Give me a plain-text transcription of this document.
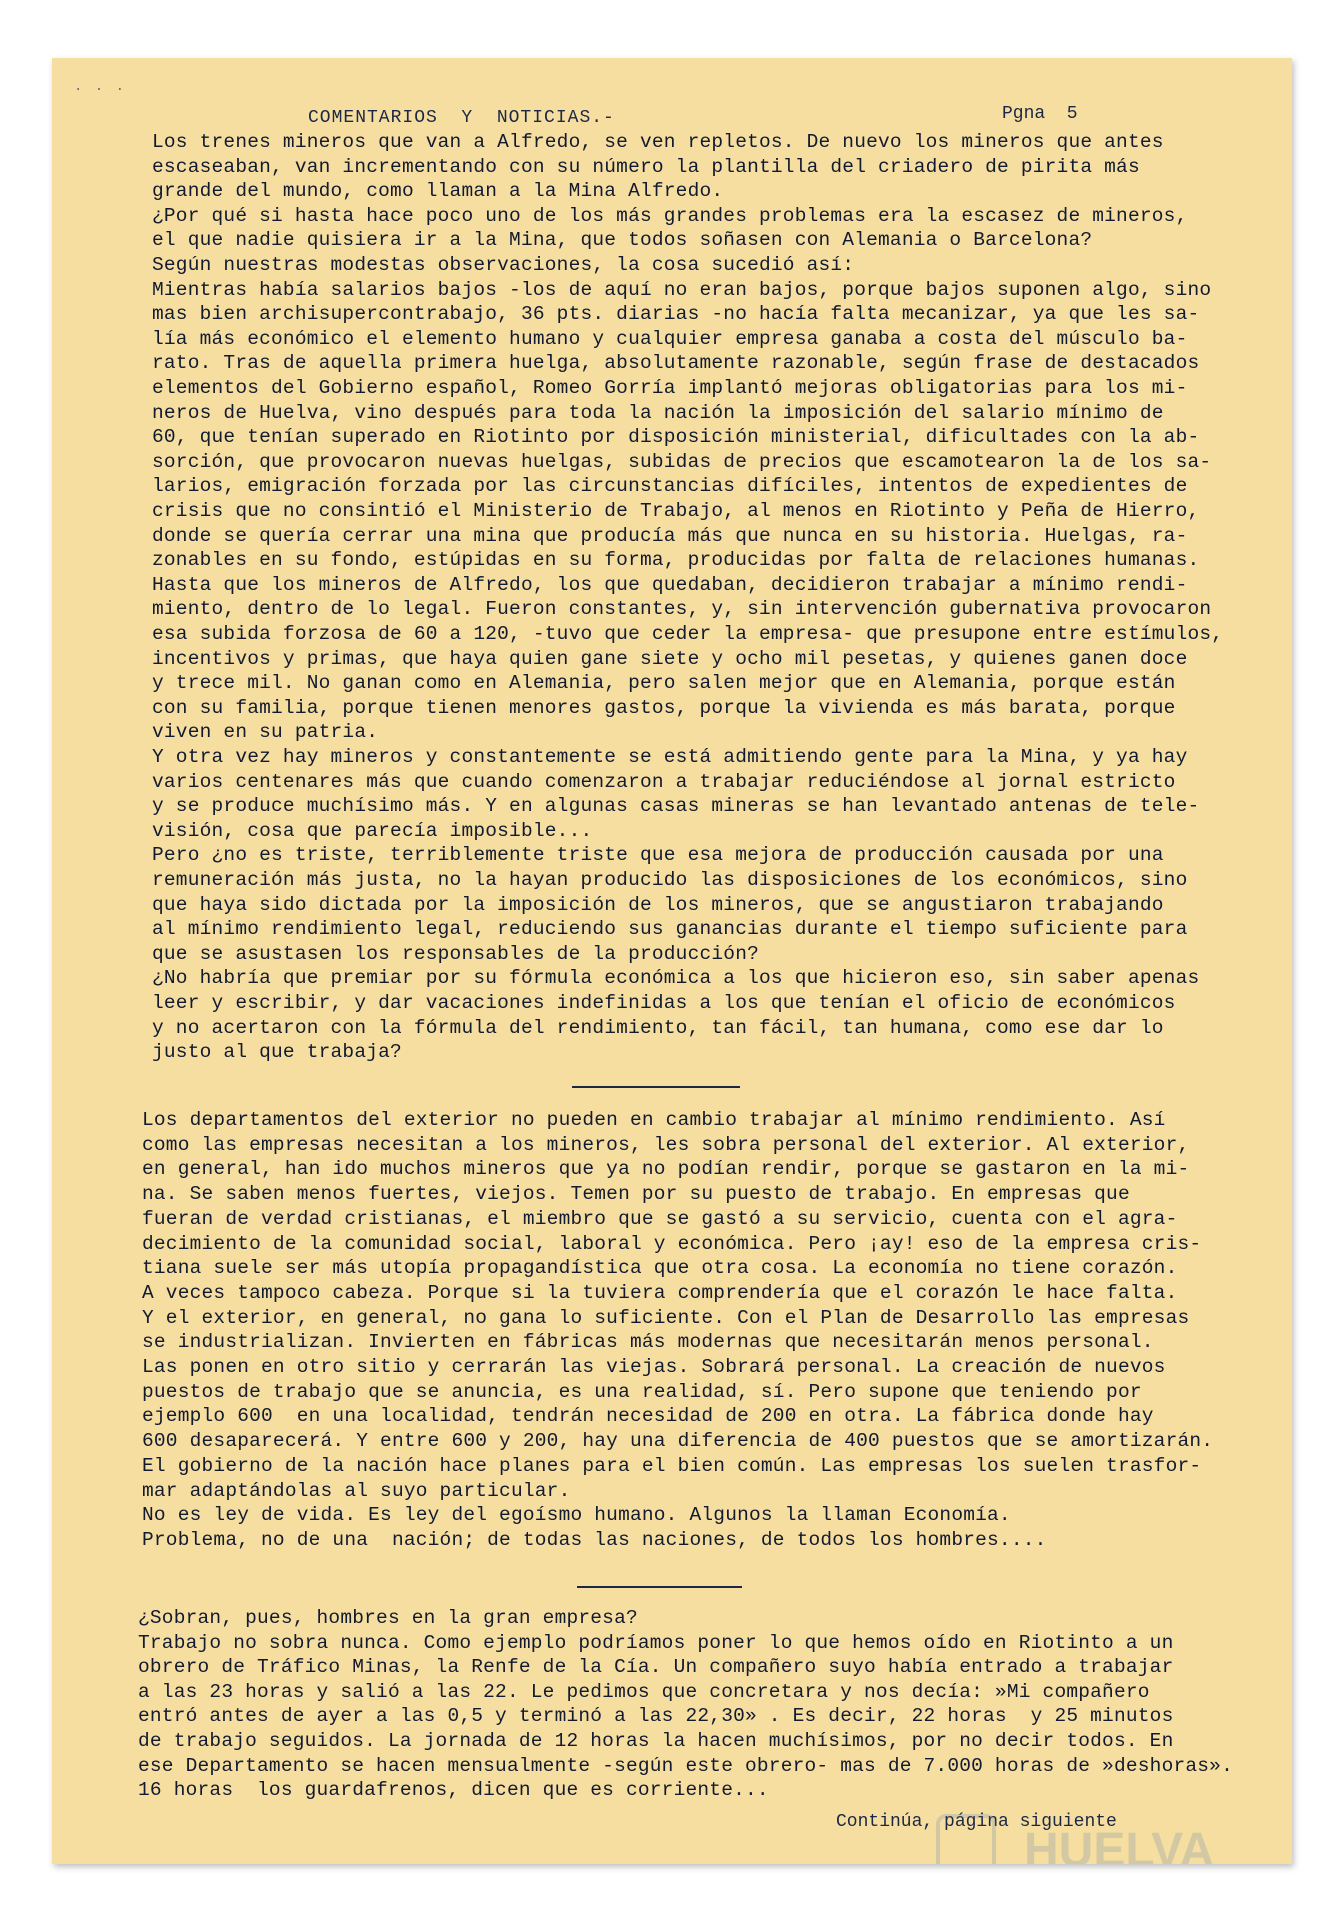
· · ·
COMENTARIOS  Y  NOTICIAS.-	Pgna  5
Los trenes mineros que van a Alfredo, se ven repletos. De nuevo los mineros que antes
escaseaban, van incrementando con su número la plantilla del criadero de pirita más
grande del mundo, como llaman a la Mina Alfredo.
¿Por qué si hasta hace poco uno de los más grandes problemas era la escasez de mineros,
el que nadie quisiera ir a la Mina, que todos soñasen con Alemania o Barcelona?
Según nuestras modestas observaciones, la cosa sucedió así:
Mientras había salarios bajos -los de aquí no eran bajos, porque bajos suponen algo, sino
mas bien archisupercontrabajo, 36 pts. diarias -no hacía falta mecanizar, ya que les sa-
lía más económico el elemento humano y cualquier empresa ganaba a costa del músculo ba-
rato. Tras de aquella primera huelga, absolutamente razonable, según frase de destacados
elementos del Gobierno español, Romeo Gorría implantó mejoras obligatorias para los mi-
neros de Huelva, vino después para toda la nación la imposición del salario mínimo de
60, que tenían superado en Riotinto por disposición ministerial, dificultades con la ab-
sorción, que provocaron nuevas huelgas, subidas de precios que escamotearon la de los sa-
larios, emigración forzada por las circunstancias difíciles, intentos de expedientes de
crisis que no consintió el Ministerio de Trabajo, al menos en Riotinto y Peña de Hierro,
donde se quería cerrar una mina que producía más que nunca en su historia. Huelgas, ra-
zonables en su fondo, estúpidas en su forma, producidas por falta de relaciones humanas.
Hasta que los mineros de Alfredo, los que quedaban, decidieron trabajar a mínimo rendi-
miento, dentro de lo legal. Fueron constantes, y, sin intervención gubernativa provocaron
esa subida forzosa de 60 a 120, -tuvo que ceder la empresa- que presupone entre estímulos,
incentivos y primas, que haya quien gane siete y ocho mil pesetas, y quienes ganen doce
y trece mil. No ganan como en Alemania, pero salen mejor que en Alemania, porque están
con su familia, porque tienen menores gastos, porque la vivienda es más barata, porque
viven en su patria.
Y otra vez hay mineros y constantemente se está admitiendo gente para la Mina, y ya hay
varios centenares más que cuando comenzaron a trabajar reduciéndose al jornal estricto
y se produce muchísimo más. Y en algunas casas mineras se han levantado antenas de tele-
visión, cosa que parecía imposible...
Pero ¿no es triste, terriblemente triste que esa mejora de producción causada por una
remuneración más justa, no la hayan producido las disposiciones de los económicos, sino
que haya sido dictada por la imposición de los mineros, que se angustiaron trabajando
al mínimo rendimiento legal, reduciendo sus ganancias durante el tiempo suficiente para
que se asustasen los responsables de la producción?
¿No habría que premiar por su fórmula económica a los que hicieron eso, sin saber apenas
leer y escribir, y dar vacaciones indefinidas a los que tenían el oficio de económicos
y no acertaron con la fórmula del rendimiento, tan fácil, tan humana, como ese dar lo
justo al que trabaja?
Los departamentos del exterior no pueden en cambio trabajar al mínimo rendimiento. Así
como las empresas necesitan a los mineros, les sobra personal del exterior. Al exterior,
en general, han ido muchos mineros que ya no podían rendir, porque se gastaron en la mi-
na. Se saben menos fuertes, viejos. Temen por su puesto de trabajo. En empresas que
fueran de verdad cristianas, el miembro que se gastó a su servicio, cuenta con el agra-
decimiento de la comunidad social, laboral y económica. Pero ¡ay! eso de la empresa cris-
tiana suele ser más utopía propagandística que otra cosa. La economía no tiene corazón.
A veces tampoco cabeza. Porque si la tuviera comprendería que el corazón le hace falta.
Y el exterior, en general, no gana lo suficiente. Con el Plan de Desarrollo las empresas
se industrializan. Invierten en fábricas más modernas que necesitarán menos personal.
Las ponen en otro sitio y cerrarán las viejas. Sobrará personal. La creación de nuevos
puestos de trabajo que se anuncia, es una realidad, sí. Pero supone que teniendo por
ejemplo 600  en una localidad, tendrán necesidad de 200 en otra. La fábrica donde hay
600 desaparecerá. Y entre 600 y 200, hay una diferencia de 400 puestos que se amortizarán.
El gobierno de la nación hace planes para el bien común. Las empresas los suelen trasfor-
mar adaptándolas al suyo particular.
No es ley de vida. Es ley del egoísmo humano. Algunos la llaman Economía.
Problema, no de una  nación; de todas las naciones, de todos los hombres....
¿Sobran, pues, hombres en la gran empresa?
Trabajo no sobra nunca. Como ejemplo podríamos poner lo que hemos oído en Riotinto a un
obrero de Tráfico Minas, la Renfe de la Cía. Un compañero suyo había entrado a trabajar
a las 23 horas y salió a las 22. Le pedimos que concretara y nos decía: »Mi compañero
entró antes de ayer a las 0,5 y terminó a las 22,30» . Es decir, 22 horas  y 25 minutos
de trabajo seguidos. La jornada de 12 horas la hacen muchísimos, por no decir todos. En
ese Departamento se hacen mensualmente -según este obrero- mas de 7.000 horas de »deshoras».
16 horas  los guardafrenos, dicen que es corriente...
Continúa, página siguiente
HUELVA
